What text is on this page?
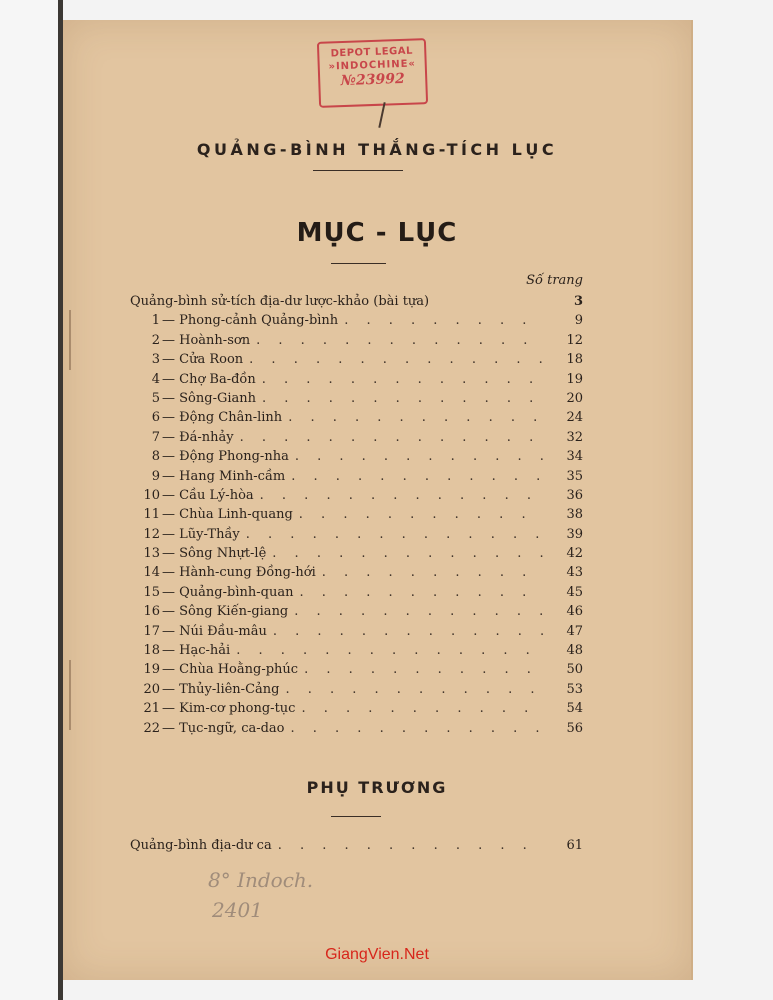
DEPOT LEGAL
»INDOCHINE«
№23992
QUẢNG-BÌNH THẮNG-TÍCH LỤC
MỤC - LỤC
Số trang
Quảng-bình sử-tích địa-dư lược-khảo (bài tựa)	3
1 — Phong-cảnh Quảng-bình . . .	9
2 — Hoành-sơn . . .	12
3 — Cửa Roon . . .	18
4 — Chợ Ba-đồn . . .	19
5 — Sông-Gianh . . .	20
6 — Động Chân-linh . . .	24
7 — Đá-nhảy . . .	32
8 — Động Phong-nha . . .	34
9 — Hang Minh-cầm . . .	35
10 — Cầu Lý-hòa . . .	36
11 — Chùa Linh-quang . . .	38
12 — Lũy-Thầy . . .	39
13 — Sông Nhựt-lệ . . .	42
14 — Hành-cung Đồng-hới . . .	43
15 — Quảng-bình-quan . . .	45
16 — Sông Kiến-giang . . .	46
17 — Núi Đầu-mâu . . .	47
18 — Hạc-hải . . .	48
19 — Chùa Hoằng-phúc . . .	50
20 — Thủy-liên-Cảng . . .	53
21 — Kim-cơ phong-tục . . .	54
22 — Tục-ngữ, ca-dao . . .	56
PHỤ TRƯƠNG
Quảng-bình địa-dư ca . . .	61
8° Indoch.
2401
GiangVien.Net
